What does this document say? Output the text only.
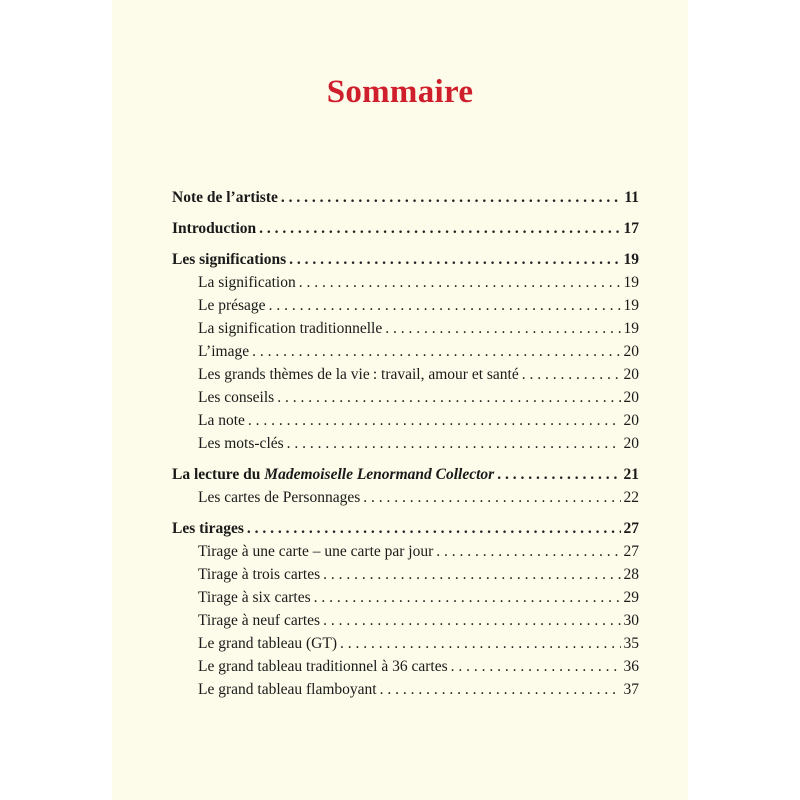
Sommaire
Note de l’artiste . . .	11
Introduction . . .	17
Les significations . . .	19
La signification . . .	19
Le présage . . .	19
La signification traditionnelle . . .	19
L’image . . .	20
Les grands thèmes de la vie : travail, amour et santé . . .	20
Les conseils . . .	20
La note . . .	20
Les mots-clés . . .	20
La lecture du Mademoiselle Lenormand Collector . . .	21
Les cartes de Personnages . . .	22
Les tirages . . .	27
Tirage à une carte – une carte par jour . . .	27
Tirage à trois cartes . . .	28
Tirage à six cartes . . .	29
Tirage à neuf cartes . . .	30
Le grand tableau (GT) . . .	35
Le grand tableau traditionnel à 36 cartes . . .	36
Le grand tableau flamboyant . . .	37
